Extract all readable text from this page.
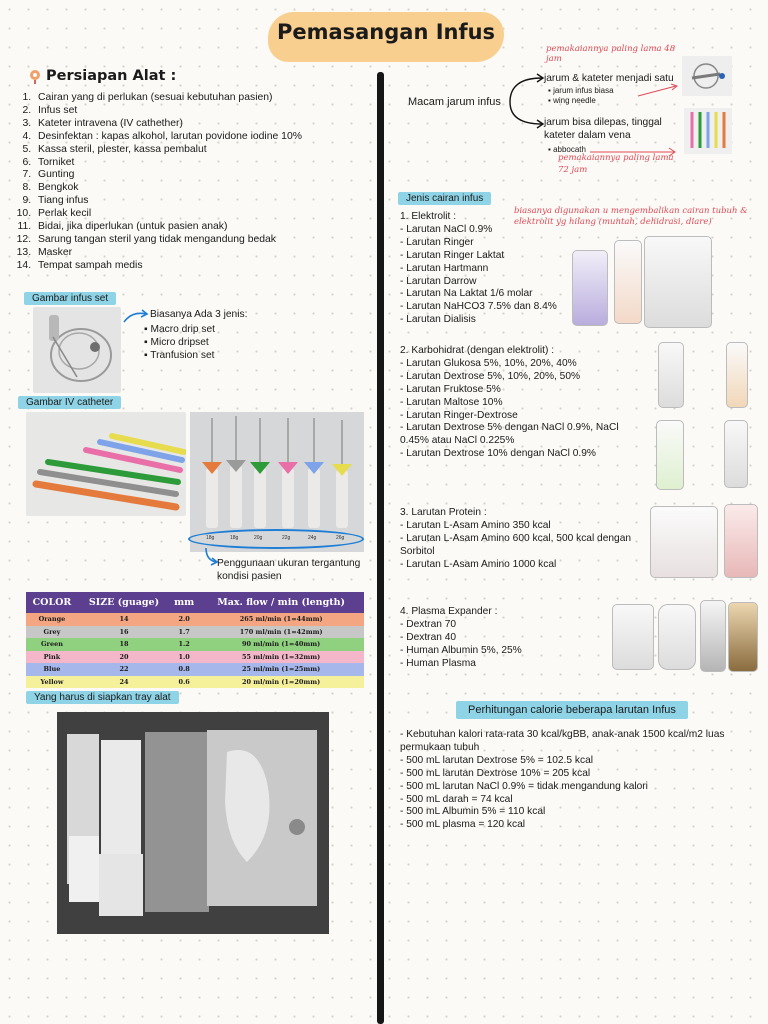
Pemasangan Infus
Persiapan Alat :
1. Cairan yang di perlukan (sesuai kebutuhan pasien)
2. Infus set
3. Kateter intravena (IV cathether)
4. Desinfektan : kapas alkohol, larutan povidone iodine 10%
5. Kassa steril, plester, kassa pembalut
6. Torniket
7. Gunting
8. Bengkok
9. Tiang infus
10. Perlak kecil
11. Bidai, jika diperlukan (untuk pasien anak)
12. Sarung tangan steril yang tidak mengandung bedak
13. Masker
14. Tempat sampah medis
Gambar infus set
Biasanya Ada 3 jenis:
▪ Macro drip set
▪ Micro dripset
▪ Tranfusion set
Gambar IV catheter
18g	18g	20g	22g	24g	26g
Penggunaan ukuran tergantung kondisi pasien
COLOR	SIZE (guage)	mm	Max. flow / min (length)
Orange	14	2.0	265 ml/min (1=44mm)
Grey	16	1.7	170 ml/min (1=42mm)
Green	18	1.2	90 ml/min (1=40mm)
Pink	20	1.0	55 ml/min (1=32mm)
Blue	22	0.8	25 ml/min (1=25mm)
Yellow	24	0.6	20 ml/min (1=20mm)
Yang harus di siapkan tray alat
Macam jarum infus
pemakaiannya paling lama 48 jam
jarum & kateter menjadi satu
▪ jarum infus biasa
▪ wing needle
jarum bisa dilepas, tinggal kateter dalam vena
▪ abbocath
pemakaiannya paling lama 72 jam
Jenis cairan infus
biasanya digunakan u mengembalikan cairan tubuh & elektrolit yg hilang (muntah, dehidrasi, diare)
1. Elektrolit :
- Larutan NaCl 0.9%
- Larutan Ringer
- Larutan Ringer Laktat
- Larutan Hartmann
- Larutan Darrow
- Larutan Na Laktat 1/6 molar
- Larutan NaHCO3 7.5% dan 8.4%
- Larutan Dialisis
2. Karbohidrat (dengan elektrolit) :
- Larutan Glukosa 5%, 10%, 20%, 40%
- Larutan Dextrose 5%, 10%, 20%, 50%
- Larutan Fruktose 5%
- Larutan Maltose 10%
- Larutan Ringer-Dextrose
- Larutan Dextrose 5% dengan NaCl 0.9%, NaCl 0.45% atau NaCl 0.225%
- Larutan Dextrose 10% dengan NaCl 0.9%
3. Larutan Protein :
- Larutan L-Asam Amino 350 kcal
- Larutan L-Asam Amino 600 kcal, 500 kcal dengan Sorbitol
- Larutan L-Asam Amino 1000 kcal
4. Plasma Expander :
- Dextran 70
- Dextran 40
- Human Albumin 5%, 25%
- Human Plasma
Perhitungan calorie beberapa larutan Infus
- Kebutuhan kalori rata-rata 30 kcal/kgBB, anak-anak 1500 kcal/m2 luas permukaan tubuh
- 500 mL larutan Dextrose 5% = 102.5 kcal
- 500 mL larutan Dextrose 10% = 205 kcal
- 500 mL larutan NaCl 0.9% = tidak mengandung kalori
- 500 mL darah = 74 kcal
- 500 mL Albumin 5% = 110 kcal
- 500 mL plasma = 120 kcal
